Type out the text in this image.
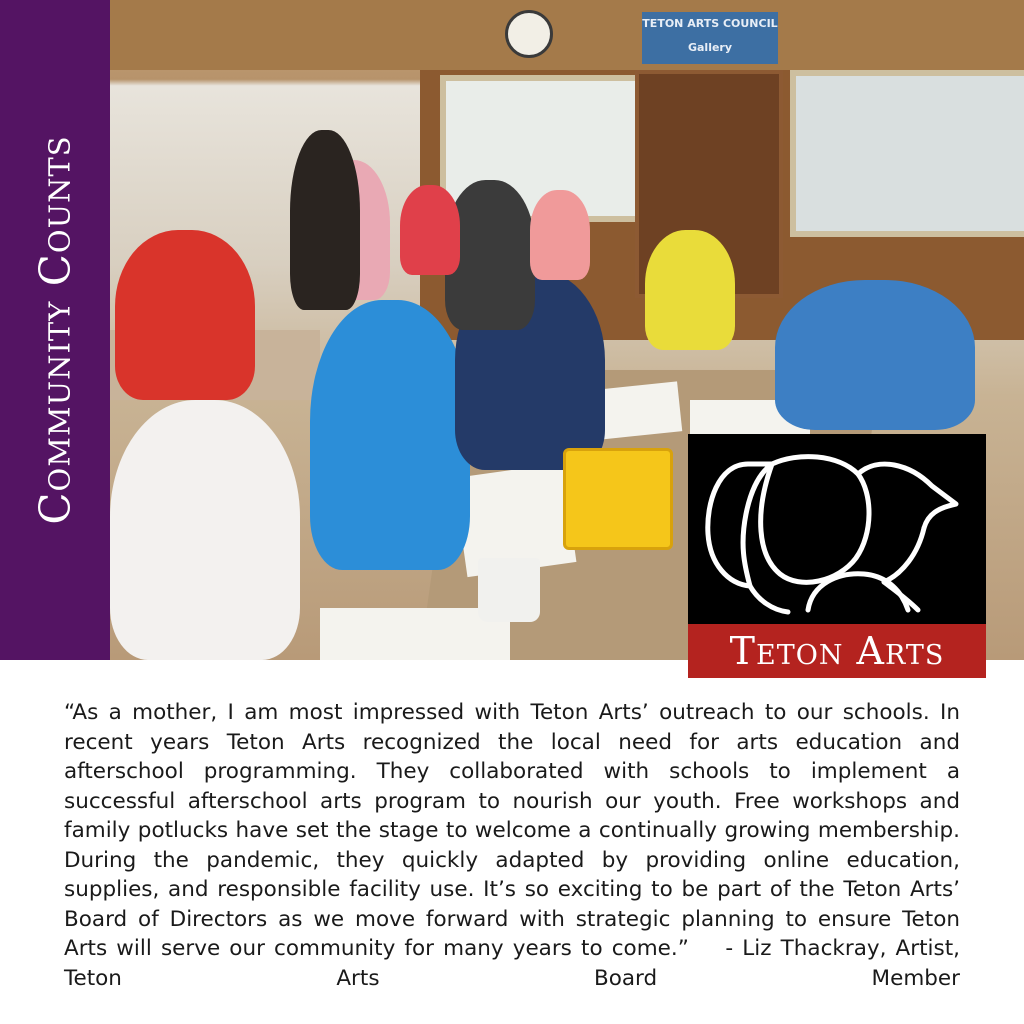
Community Counts
TETON ARTS COUNCIL Gallery
Teton Arts

“As a mother, I am most impressed with Teton Arts’ outreach to our schools. In recent years Teton Arts recognized the local need for arts education and afterschool programming. They collaborated with schools to implement a successful afterschool arts program to nourish our youth. Free workshops and family potlucks have set the stage to welcome a continually growing membership. During the pandemic, they quickly adapted by providing online education, supplies, and responsible facility use. It’s so exciting to be part of the Teton Arts’ Board of Directors as we move forward with strategic planning to ensure Teton Arts will serve our community for many years to come.” - Liz Thackray, Artist, Teton Arts Board Member
